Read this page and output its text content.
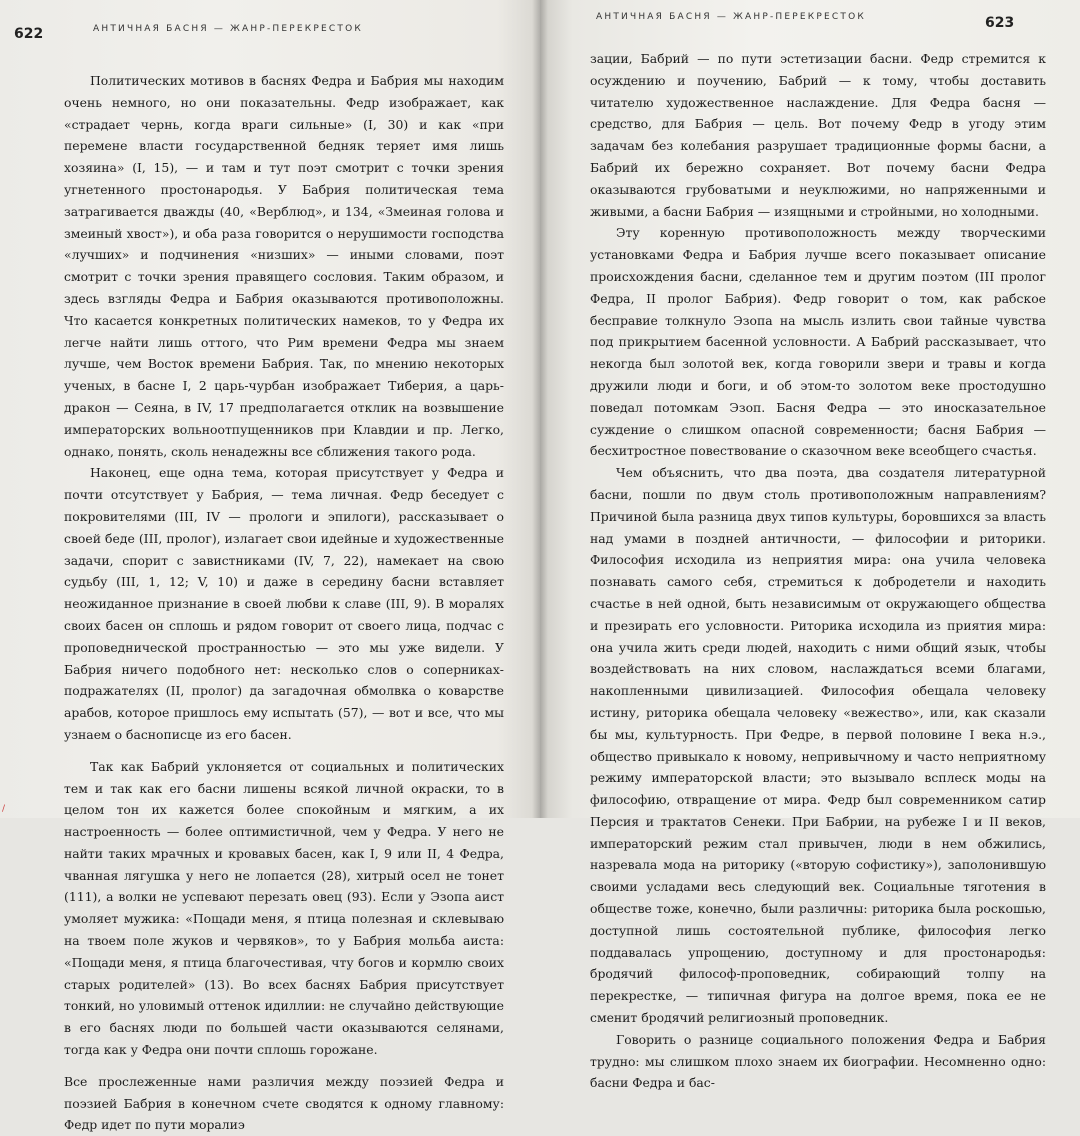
622	АНТИЧНАЯ БАСНЯ — ЖАНР-ПЕРЕКРЕСТОК

Политических мотивов в баснях Федра и Бабрия мы находим очень немного, но они показательны. Федр изображает, как «страдает чернь, когда враги сильные» (I, 30) и как «при перемене власти государственной бедняк теряет имя лишь хозяина» (I, 15), — и там и тут поэт смотрит с точки зрения угнетенного простонародья. У Бабрия политическая тема затрагивается дважды (40, «Верблюд», и 134, «Змеиная голова и змеиный хвост»), и оба раза говорится о нерушимости господства «лучших» и подчинения «низших» — иными словами, поэт смотрит с точки зрения правящего сословия. Таким образом, и здесь взгляды Федра и Бабрия оказываются противоположны. Что касается конкретных политических намеков, то у Федра их легче найти лишь оттого, что Рим времени Федра мы знаем лучше, чем Восток времени Бабрия. Так, по мнению некоторых ученых, в басне I, 2 царь-чурбан изображает Тиберия, а царь-дракон — Сеяна, в IV, 17 предполагается отклик на возвышение императорских вольноотпущенников при Клавдии и пр. Легко, однако, понять, сколь ненадежны все сближения такого рода.

Наконец, еще одна тема, которая присутствует у Федра и почти отсутствует у Бабрия, — тема личная. Федр беседует с покровителями (III, IV — прологи и эпилоги), рассказывает о своей беде (III, пролог), излагает свои идейные и художественные задачи, спорит с завистниками (IV, 7, 22), намекает на свою судьбу (III, 1, 12; V, 10) и даже в середину басни вставляет неожиданное признание в своей любви к славе (III, 9). В моралях своих басен он сплошь и рядом говорит от своего лица, подчас с проповеднической пространностью — это мы уже видели. У Бабрия ничего подобного нет: несколько слов о соперниках-подражателях (II, пролог) да загадочная обмолвка о коварстве арабов, которое пришлось ему испытать (57), — вот и все, что мы узнаем о баснописце из его басен.

Так как Бабрий уклоняется от социальных и политических тем и так как его басни лишены всякой личной окраски, то в целом тон их кажется более спокойным и мягким, а их настроенность — более оптимистичной, чем у Федра. У него не найти таких мрачных и кровавых басен, как I, 9 или II, 4 Федра, чванная лягушка у него не лопается (28), хитрый осел не тонет (111), а волки не успевают перезать овец (93). Если у Эзопа аист умоляет мужика: «Пощади меня, я птица полезная и склевываю на твоем поле жуков и червяков», то у Бабрия мольба аиста: «Пощади меня, я птица благочестивая, чту богов и кормлю своих старых родителей» (13). Во всех баснях Бабрия присутствует тонкий, но уловимый оттенок идиллии: не случайно действующие в его баснях люди по большей части оказываются селянами, тогда как у Федра они почти сплошь горожане.

Все прослеженные нами различия между поэзией Федра и поэзией Бабрия в конечном счете сводятся к одному главному: Федр идет по пути моралиэ

/
АНТИЧНАЯ БАСНЯ — ЖАНР-ПЕРЕКРЕСТОК	623

зации, Бабрий — по пути эстетизации басни. Федр стремится к осуждению и поучению, Бабрий — к тому, чтобы доставить читателю художественное наслаждение. Для Федра басня — средство, для Бабрия — цель. Вот почему Федр в угоду этим задачам без колебания разрушает традиционные формы басни, а Бабрий их бережно сохраняет. Вот почему басни Федра оказываются грубоватыми и неуклюжими, но напряженными и живыми, а басни Бабрия — изящными и стройными, но холодными.

Эту коренную противоположность между творческими установками Федра и Бабрия лучше всего показывает описание происхождения басни, сделанное тем и другим поэтом (III пролог Федра, II пролог Бабрия). Федр говорит о том, как рабское бесправие толкнуло Эзопа на мысль излить свои тайные чувства под прикрытием басенной условности. А Бабрий рассказывает, что некогда был золотой век, когда говорили звери и травы и когда дружили люди и боги, и об этом-то золотом веке простодушно поведал потомкам Эзоп. Басня Федра — это иносказательное суждение о слишком опасной современности; басня Бабрия — бесхитростное повествование о сказочном веке всеобщего счастья.

Чем объяснить, что два поэта, два создателя литературной басни, пошли по двум столь противоположным направлениям? Причиной была разница двух типов культуры, боровшихся за власть над умами в поздней античности, — философии и риторики. Философия исходила из неприятия мира: она учила человека познавать самого себя, стремиться к добродетели и находить счастье в ней одной, быть независимым от окружающего общества и презирать его условности. Риторика исходила из приятия мира: она учила жить среди людей, находить с ними общий язык, чтобы воздействовать на них словом, наслаждаться всеми благами, накопленными цивилизацией. Философия обещала человеку истину, риторика обещала человеку «вежество», или, как сказали бы мы, культурность. При Федре, в первой половине I века н.э., общество привыкало к новому, непривычному и часто неприятному режиму императорской власти; это вызывало всплеск моды на философию, отвращение от мира. Федр был современником сатир Персия и трактатов Сенеки. При Бабрии, на рубеже I и II веков, императорский режим стал привычен, люди в нем обжились, назревала мода на риторику («вторую софистику»), заполонившую своими усладами весь следующий век. Социальные тяготения в обществе тоже, конечно, были различны: риторика была роскошью, доступной лишь состоятельной публике, философия легко поддавалась упрощению, доступному и для простонародья: бродячий философ-проповедник, собирающий толпу на перекрестке, — типичная фигура на долгое время, пока ее не сменит бродячий религиозный проповедник.

Говорить о разнице социального положения Федра и Бабрия трудно: мы слишком плохо знаем их биографии. Несомненно одно: басни Федра и бас-
